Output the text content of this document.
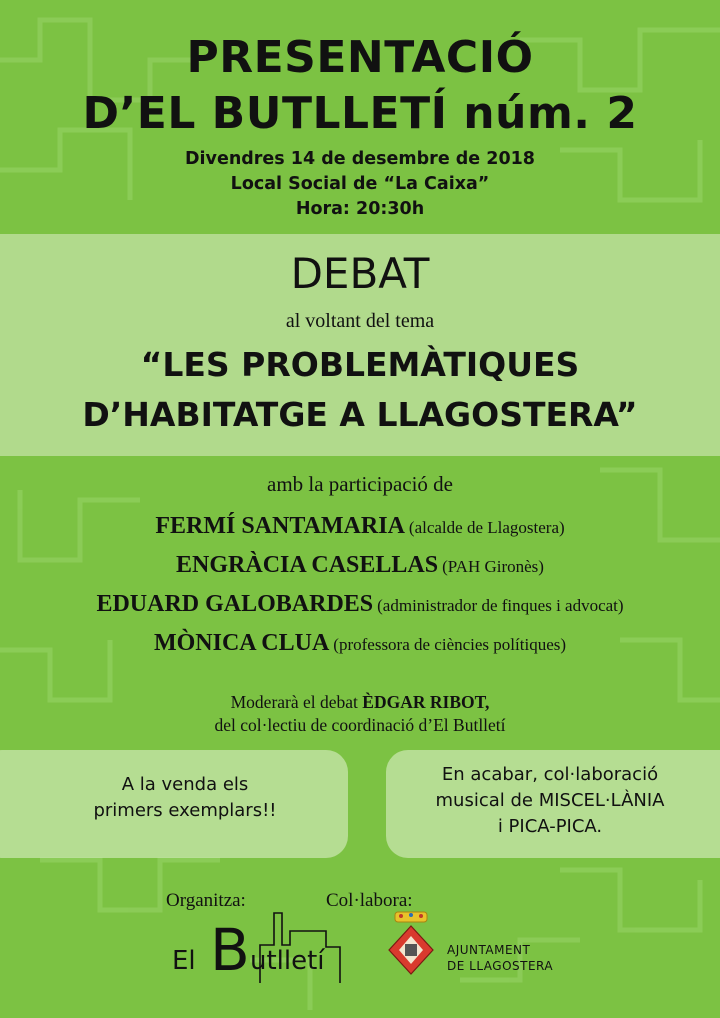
PRESENTACIÓ
D’EL BUTLLETÍ núm. 2
Divendres 14 de desembre de 2018
Local Social de “La Caixa”
Hora: 20:30h
DEBAT
al voltant del tema
“LES PROBLEMÀTIQUES
D’HABITATGE A LLAGOSTERA”
amb la participació de
FERMÍ SANTAMARIA (alcalde de Llagostera)
ENGRÀCIA CASELLAS (PAH Gironès)
EDUARD GALOBARDES (administrador de finques i advocat)
MÒNICA CLUA (professora de ciències polítiques)
Moderarà el debat ÈDGAR RIBOT,
del col·lectiu de coordinació d’El Butlletí
A la venda els
primers exemplars!!
En acabar, col·laboració
musical de MISCEL·LÀNIA
i PICA-PICA.
Organitza:	Col·labora:
El B utlletí	AJUNTAMENT
DE LLAGOSTERA
